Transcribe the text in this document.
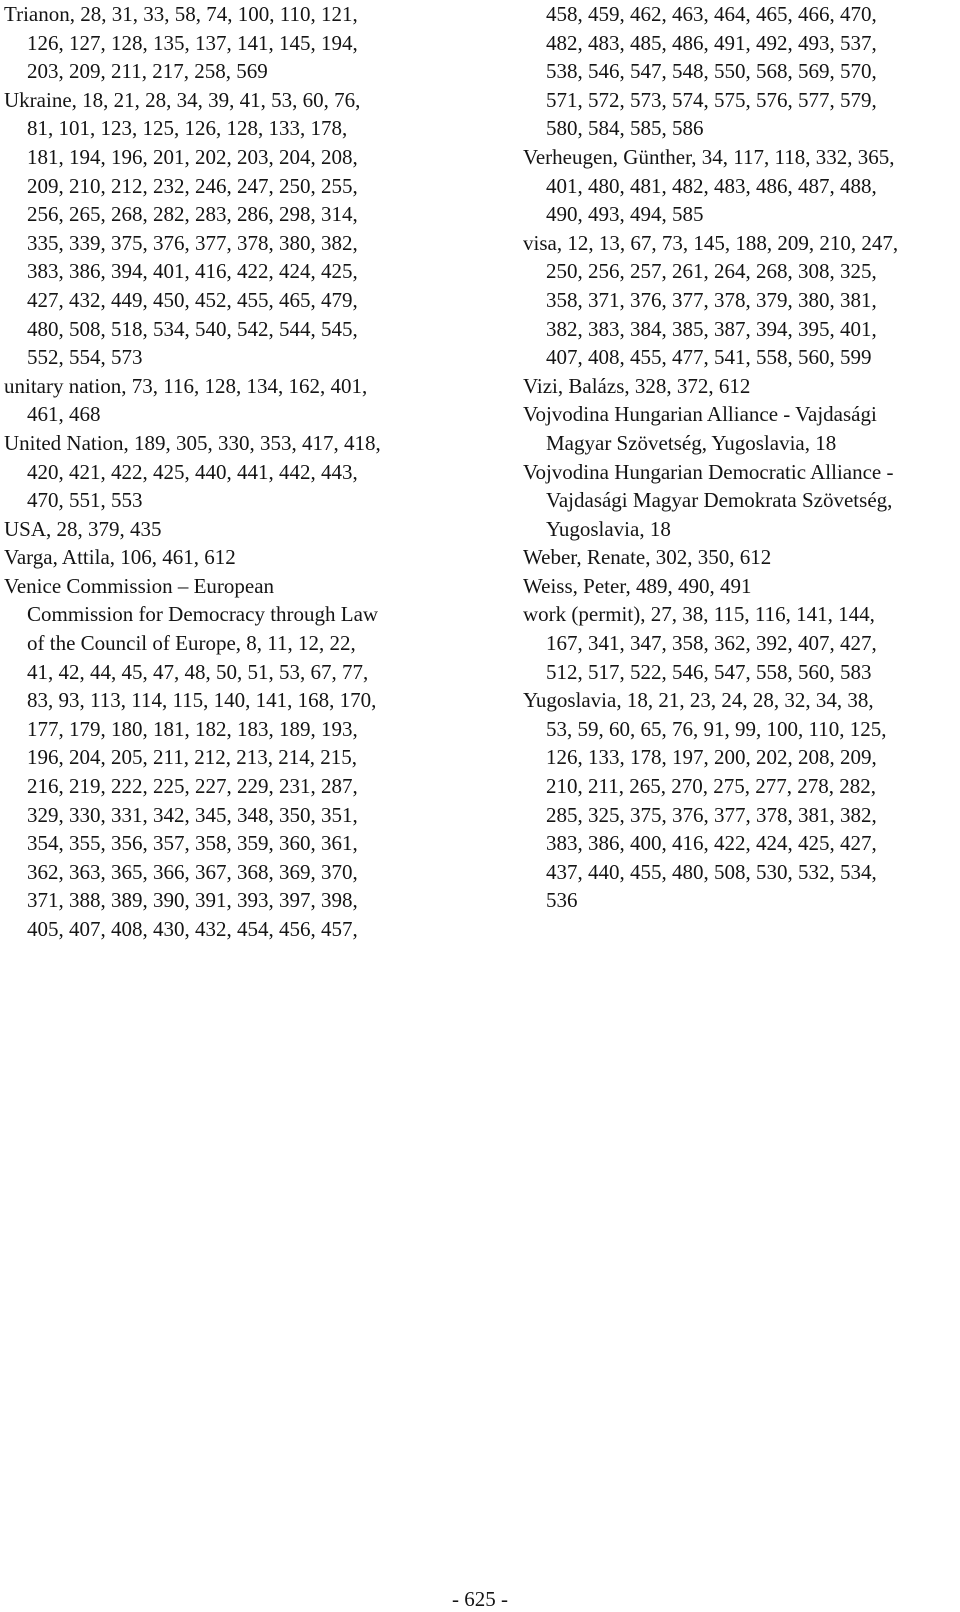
Trianon, 28, 31, 33, 58, 74, 100, 110, 121,
126, 127, 128, 135, 137, 141, 145, 194,
203, 209, 211, 217, 258, 569
Ukraine, 18, 21, 28, 34, 39, 41, 53, 60, 76,
81, 101, 123, 125, 126, 128, 133, 178,
181, 194, 196, 201, 202, 203, 204, 208,
209, 210, 212, 232, 246, 247, 250, 255,
256, 265, 268, 282, 283, 286, 298, 314,
335, 339, 375, 376, 377, 378, 380, 382,
383, 386, 394, 401, 416, 422, 424, 425,
427, 432, 449, 450, 452, 455, 465, 479,
480, 508, 518, 534, 540, 542, 544, 545,
552, 554, 573
unitary nation, 73, 116, 128, 134, 162, 401,
461, 468
United Nation, 189, 305, 330, 353, 417, 418,
420, 421, 422, 425, 440, 441, 442, 443,
470, 551, 553
USA, 28, 379, 435
Varga, Attila, 106, 461, 612
Venice Commission – European
Commission for Democracy through Law
of the Council of Europe, 8, 11, 12, 22,
41, 42, 44, 45, 47, 48, 50, 51, 53, 67, 77,
83, 93, 113, 114, 115, 140, 141, 168, 170,
177, 179, 180, 181, 182, 183, 189, 193,
196, 204, 205, 211, 212, 213, 214, 215,
216, 219, 222, 225, 227, 229, 231, 287,
329, 330, 331, 342, 345, 348, 350, 351,
354, 355, 356, 357, 358, 359, 360, 361,
362, 363, 365, 366, 367, 368, 369, 370,
371, 388, 389, 390, 391, 393, 397, 398,
405, 407, 408, 430, 432, 454, 456, 457,
458, 459, 462, 463, 464, 465, 466, 470,
482, 483, 485, 486, 491, 492, 493, 537,
538, 546, 547, 548, 550, 568, 569, 570,
571, 572, 573, 574, 575, 576, 577, 579,
580, 584, 585, 586
Verheugen, Günther, 34, 117, 118, 332, 365,
401, 480, 481, 482, 483, 486, 487, 488,
490, 493, 494, 585
visa, 12, 13, 67, 73, 145, 188, 209, 210, 247,
250, 256, 257, 261, 264, 268, 308, 325,
358, 371, 376, 377, 378, 379, 380, 381,
382, 383, 384, 385, 387, 394, 395, 401,
407, 408, 455, 477, 541, 558, 560, 599
Vizi, Balázs, 328, 372, 612
Vojvodina Hungarian Alliance - Vajdasági
Magyar Szövetség, Yugoslavia, 18
Vojvodina Hungarian Democratic Alliance -
Vajdasági Magyar Demokrata Szövetség,
Yugoslavia, 18
Weber, Renate, 302, 350, 612
Weiss, Peter, 489, 490, 491
work (permit), 27, 38, 115, 116, 141, 144,
167, 341, 347, 358, 362, 392, 407, 427,
512, 517, 522, 546, 547, 558, 560, 583
Yugoslavia, 18, 21, 23, 24, 28, 32, 34, 38,
53, 59, 60, 65, 76, 91, 99, 100, 110, 125,
126, 133, 178, 197, 200, 202, 208, 209,
210, 211, 265, 270, 275, 277, 278, 282,
285, 325, 375, 376, 377, 378, 381, 382,
383, 386, 400, 416, 422, 424, 425, 427,
437, 440, 455, 480, 508, 530, 532, 534,
536
- 625 -
